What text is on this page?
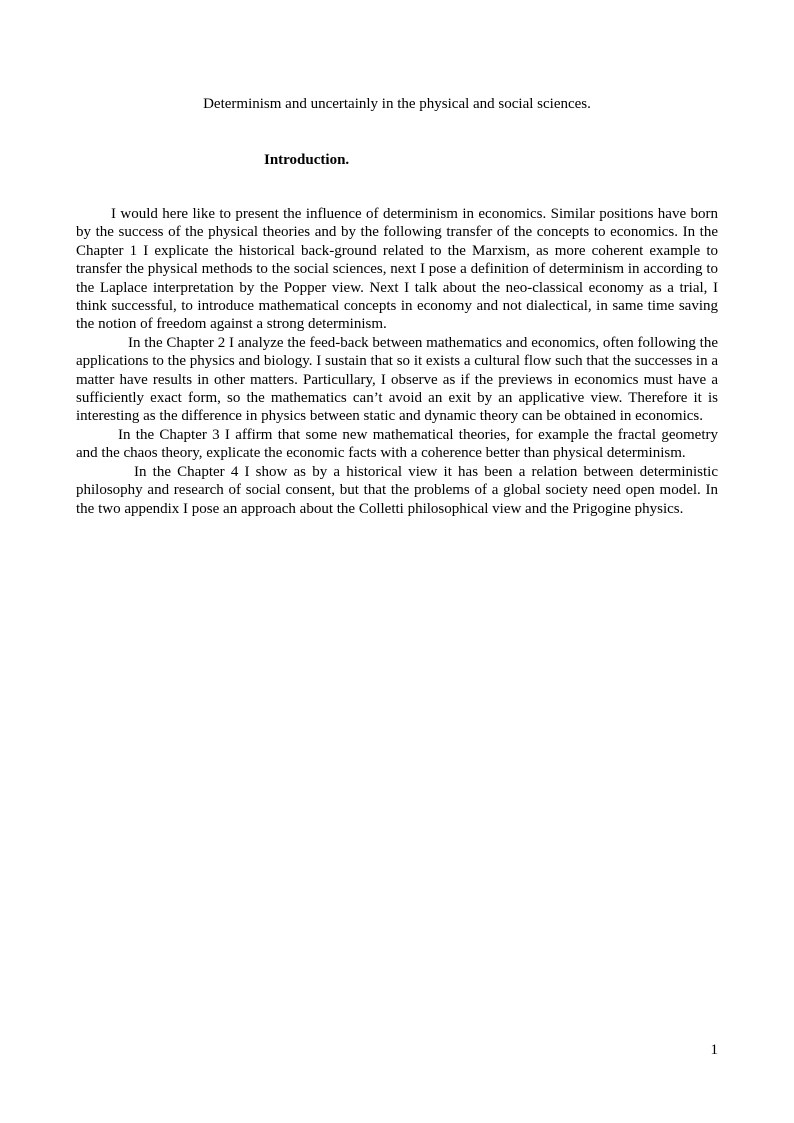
Determinism and uncertainly in the physical and social sciences.
Introduction.

I would here like to present the influence of determinism in economics. Similar positions have born by the success of the physical theories and by the following transfer of the concepts to economics. In the Chapter 1 I explicate the historical back-ground related to the Marxism, as more coherent example to transfer the physical methods to the social sciences, next I pose a definition of determinism in according to the Laplace interpretation by the Popper view. Next I talk about the neo-classical economy as a trial, I think successful, to introduce mathematical concepts in economy and not dialectical, in same time saving the notion of freedom against a strong determinism.

In the Chapter 2 I analyze the feed-back between mathematics and economics, often following the applications to the physics and biology. I sustain that so it exists a cultural flow such that the successes in a matter have results in other matters. Particullary, I observe as if the previews in economics must have a sufficiently exact form, so the mathematics can’t avoid an exit by an applicative view. Therefore it is interesting as the difference in physics between static and dynamic theory can be obtained in economics.

In the Chapter 3 I affirm that some new mathematical theories, for example the fractal geometry and the chaos theory, explicate the economic facts with a coherence better than physical determinism.

In the Chapter 4 I show as by a historical view it has been a relation between deterministic philosophy and research of social consent, but that the problems of a global society need open model. In the two appendix I pose an approach about the Colletti philosophical view and the Prigogine physics.

1
